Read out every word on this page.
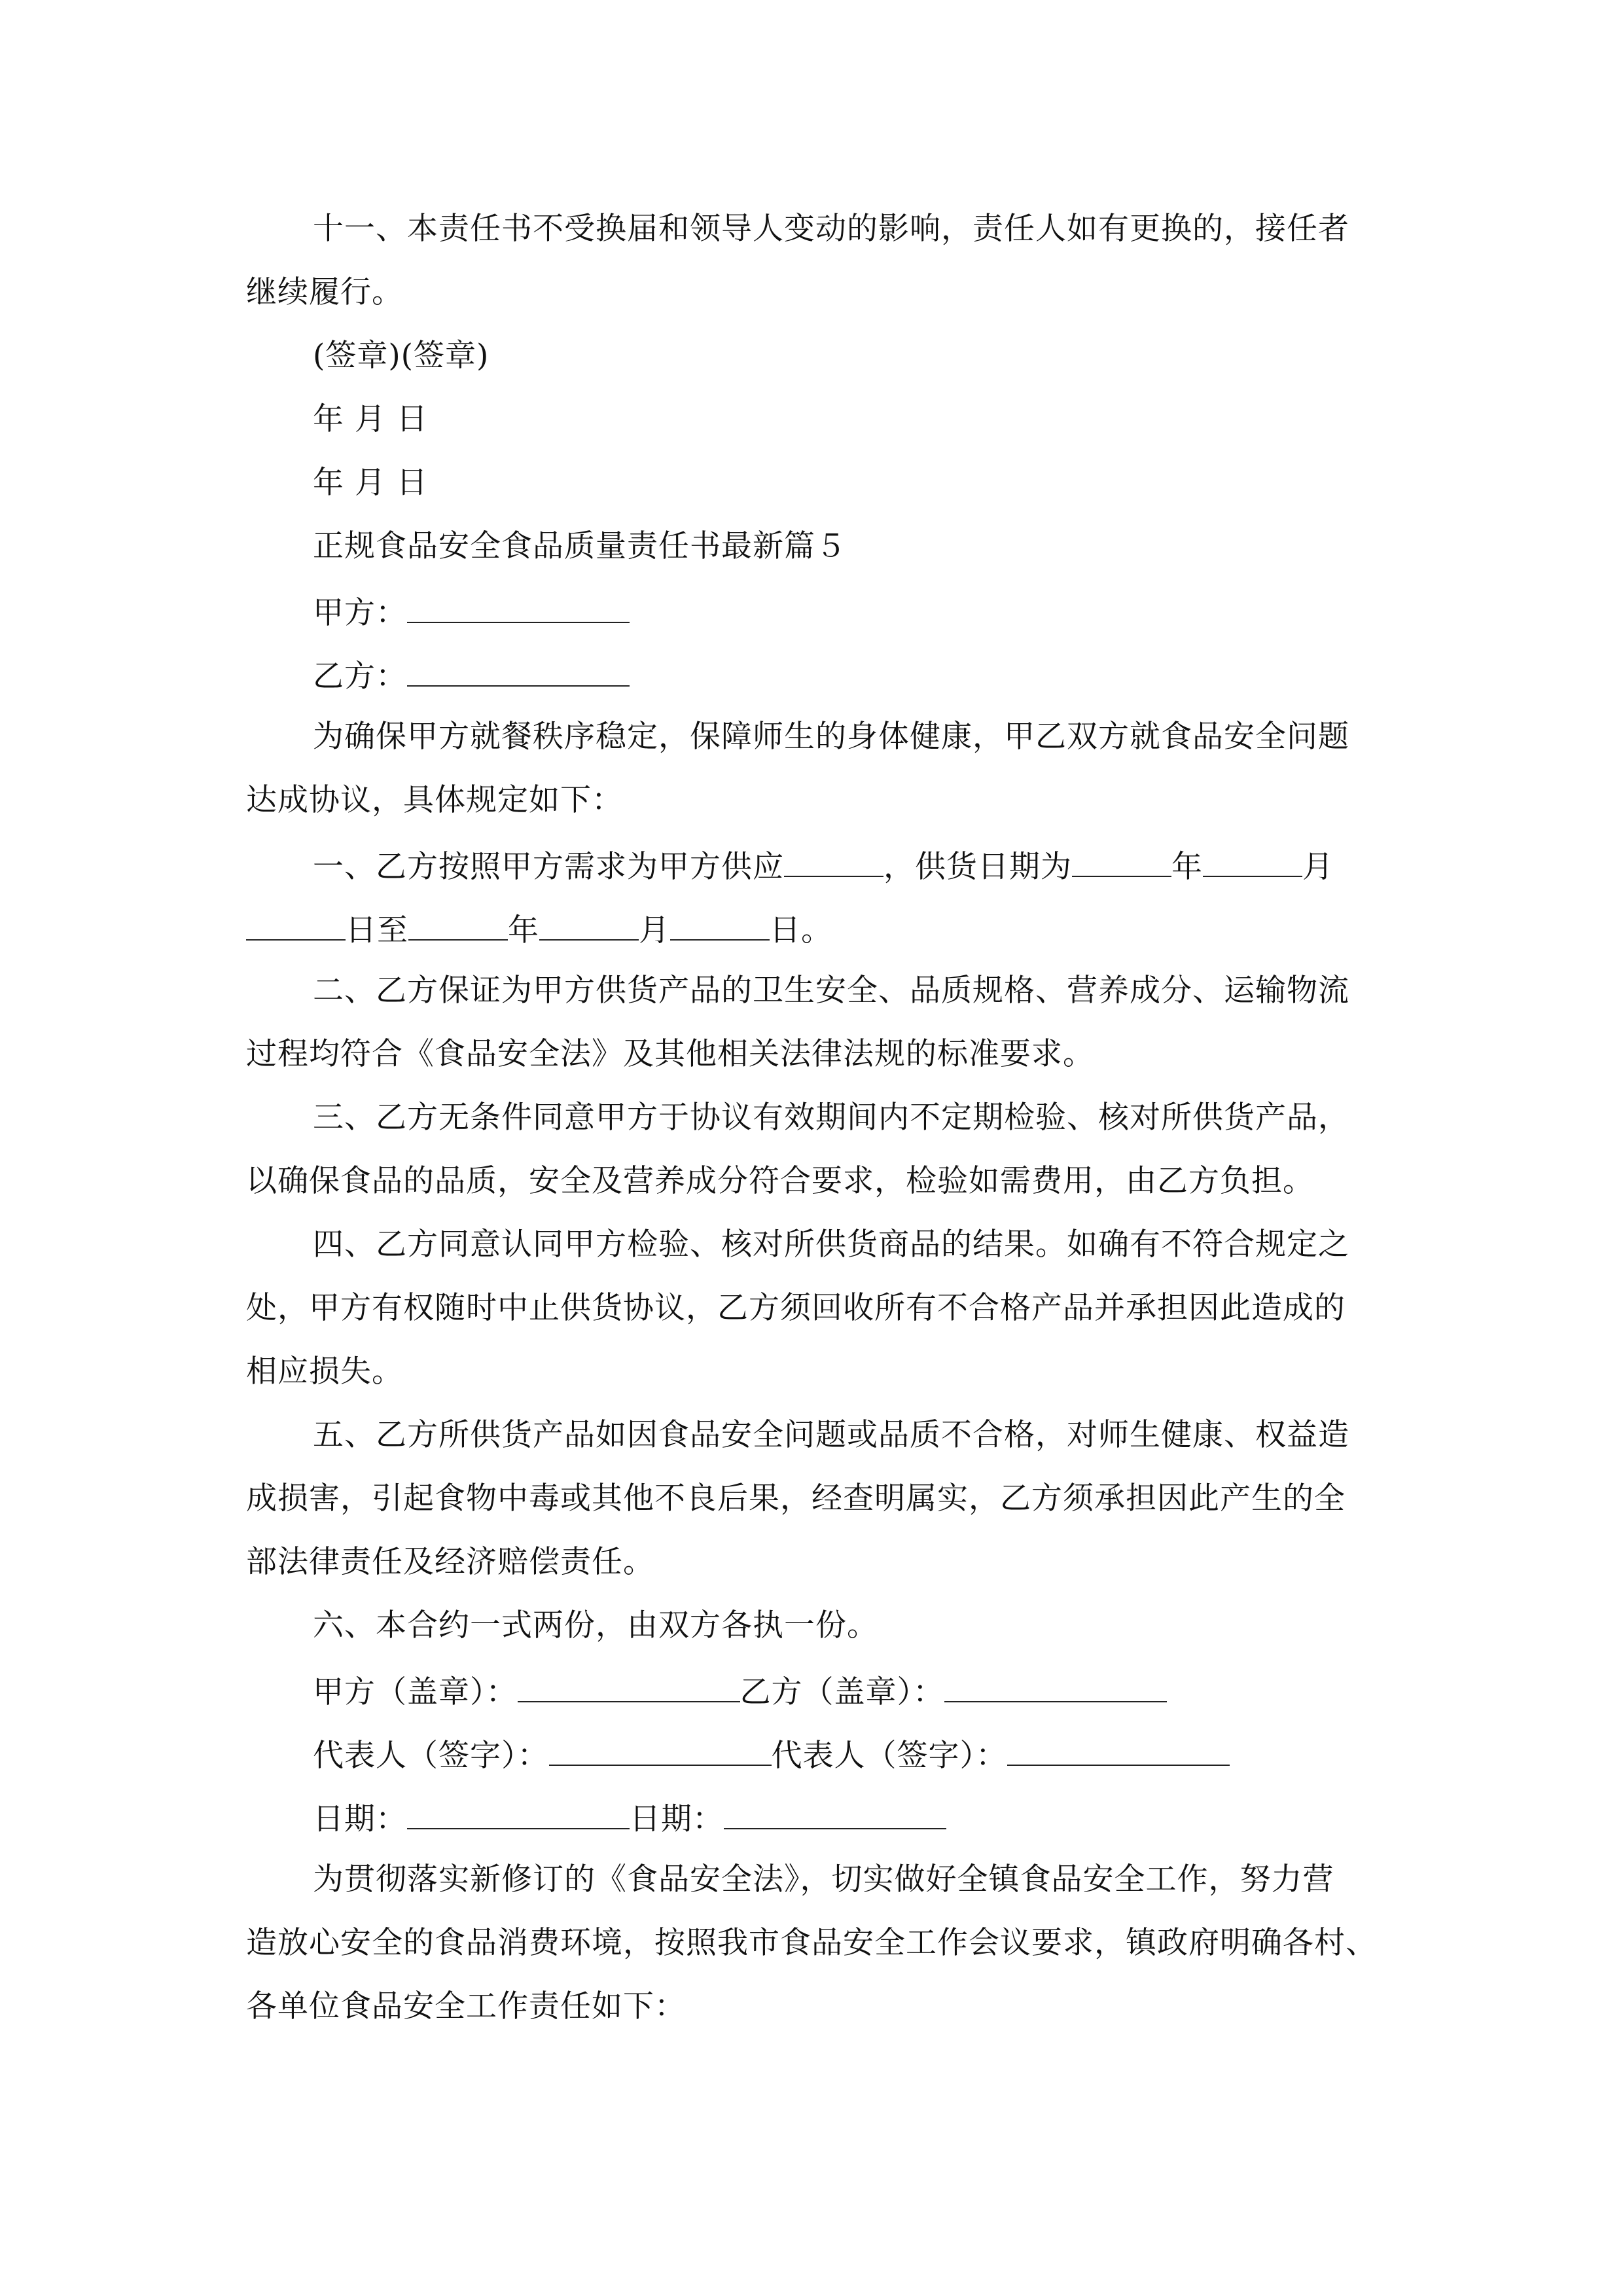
十一、本责任书不受换届和领导人变动的影响，责任人如有更换的，接任者
继续履行。
(签章)(签章)
年 月 日
年 月 日
正规食品安全食品质量责任书最新篇５
甲方：
乙方：
为确保甲方就餐秩序稳定，保障师生的身体健康，甲乙双方就食品安全问题
达成协议，具体规定如下：
一、乙方按照甲方需求为甲方供应	，供货日期为	年	月
日至	年	月	日。
二、乙方保证为甲方供货产品的卫生安全、品质规格、营养成分、运输物流
过程均符合《食品安全法》及其他相关法律法规的标准要求。
三、乙方无条件同意甲方于协议有效期间内不定期检验、核对所供货产品，
以确保食品的品质，安全及营养成分符合要求，检验如需费用，由乙方负担。
四、乙方同意认同甲方检验、核对所供货商品的结果。如确有不符合规定之
处，甲方有权随时中止供货协议，乙方须回收所有不合格产品并承担因此造成的
相应损失。
五、乙方所供货产品如因食品安全问题或品质不合格，对师生健康、权益造
成损害，引起食物中毒或其他不良后果，经查明属实，乙方须承担因此产生的全
部法律责任及经济赔偿责任。
六、本合约一式两份，由双方各执一份。
甲方（盖章）：	乙方（盖章）：
代表人（签字）：	代表人（签字）：
日期：	日期：
为贯彻落实新修订的《食品安全法》，切实做好全镇食品安全工作，努力营
造放心安全的食品消费环境，按照我市食品安全工作会议要求，镇政府明确各村、
各单位食品安全工作责任如下：
